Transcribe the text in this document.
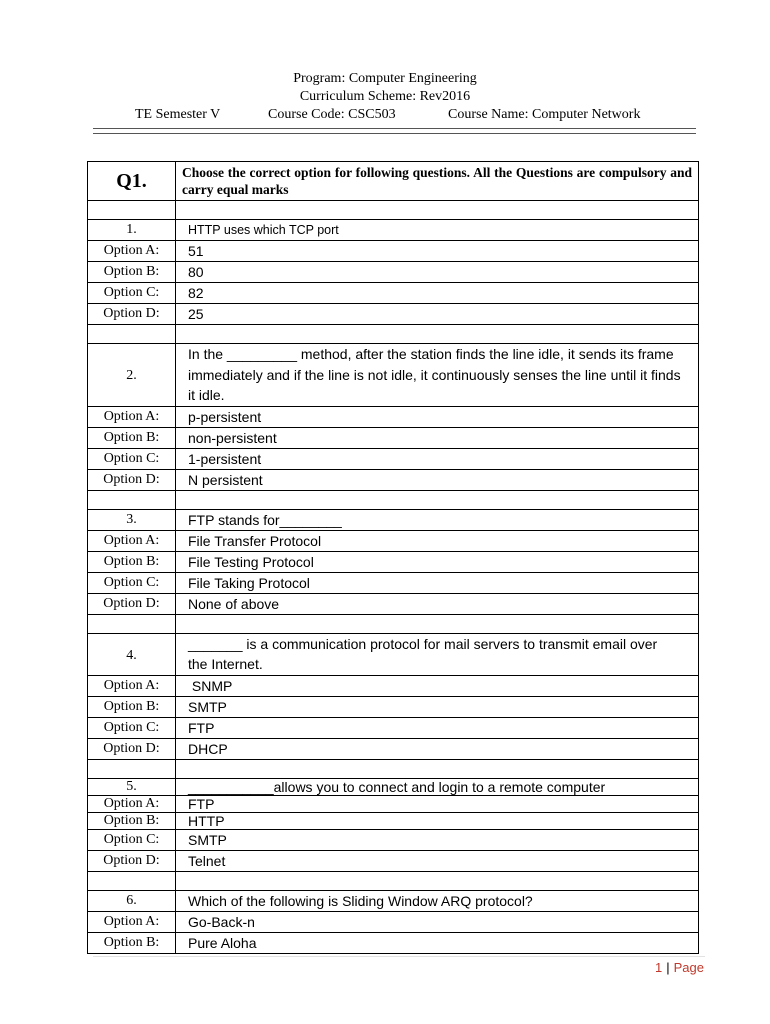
Program: Computer Engineering
Curriculum Scheme: Rev2016
TE Semester V	Course Code: CSC503	Course Name: Computer Network
Q1.	Choose the correct option for following questions. All the Questions are compulsory and carry equal marks

1.	HTTP uses which TCP port
Option A:	51
Option B:	80
Option C:	82
Option D:	25

2.	In the _________ method, after the station finds the line idle, it sends its frame immediately and if the line is not idle, it continuously senses the line until it finds it idle.

Option A:	p-persistent
Option B:	non-persistent
Option C:	1-persistent
Option D:	N persistent

3.	FTP stands for________
Option A:	File Transfer Protocol
Option B:	File Testing Protocol
Option C:	File Taking Protocol
Option D:	None of above

4.	_______ is a communication protocol for mail servers to transmit email over the Internet.

Option A:	SNMP
Option B:	SMTP
Option C:	FTP
Option D:	DHCP

5.	___________allows you to connect and login to a remote computer
Option A:	FTP
Option B:	HTTP
Option C:	SMTP
Option D:	Telnet

6.	Which of the following is Sliding Window ARQ protocol?
Option A:	Go-Back-n
Option B:	Pure Aloha
1 | Page
